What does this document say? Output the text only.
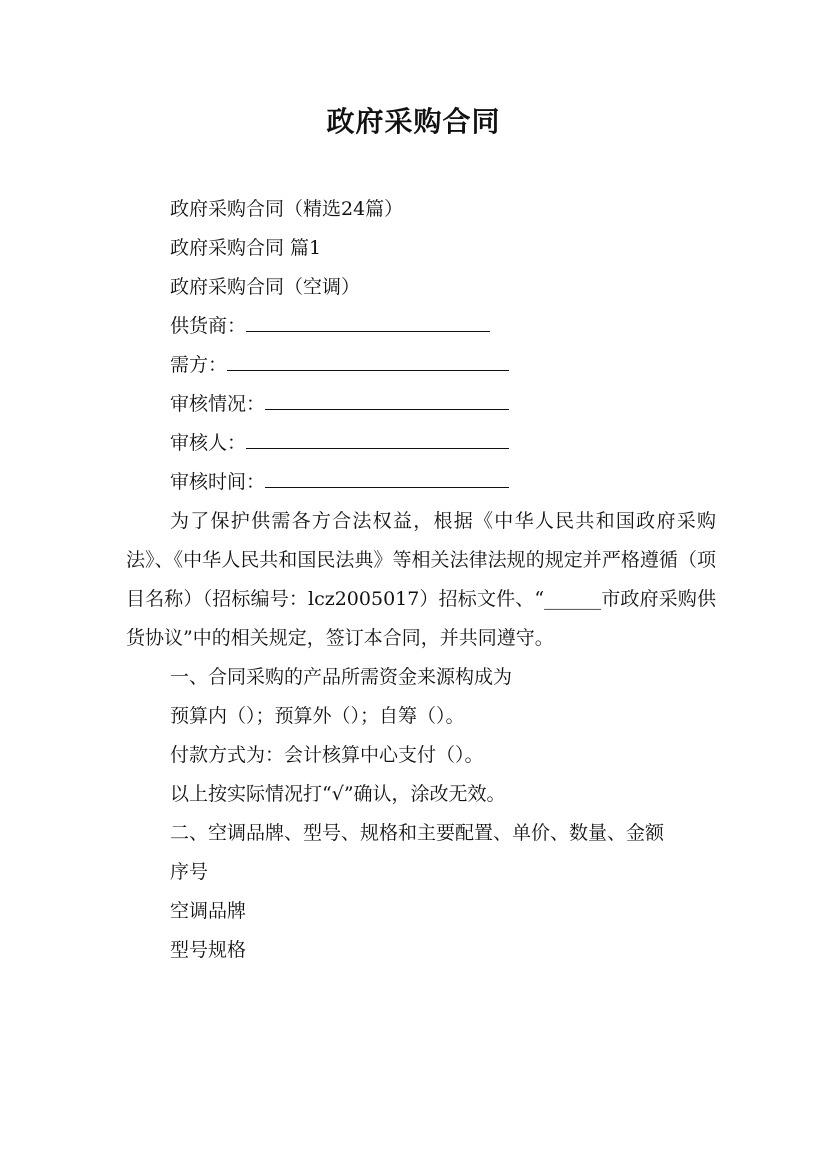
政府采购合同
政府采购合同（精选24篇）
政府采购合同 篇1
政府采购合同（空调）
供货商：
需方：
审核情况：
审核人：
审核时间：

为了保护供需各方合法权益，根据《中华人民共和国政府采购法》、《中华人民共和国民法典》等相关法律法规的规定并严格遵循（项目名称）（招标编号：lcz2005017）招标文件、“______市政府采购供货协议”中的相关规定，签订本合同，并共同遵守。

一、合同采购的产品所需资金来源构成为
预算内（）；预算外（）；自筹（）。
付款方式为：会计核算中心支付（）。
以上按实际情况打“√”确认，涂改无效。

二、空调品牌、型号、规格和主要配置、单价、数量、金额

序号
空调品牌
型号规格
